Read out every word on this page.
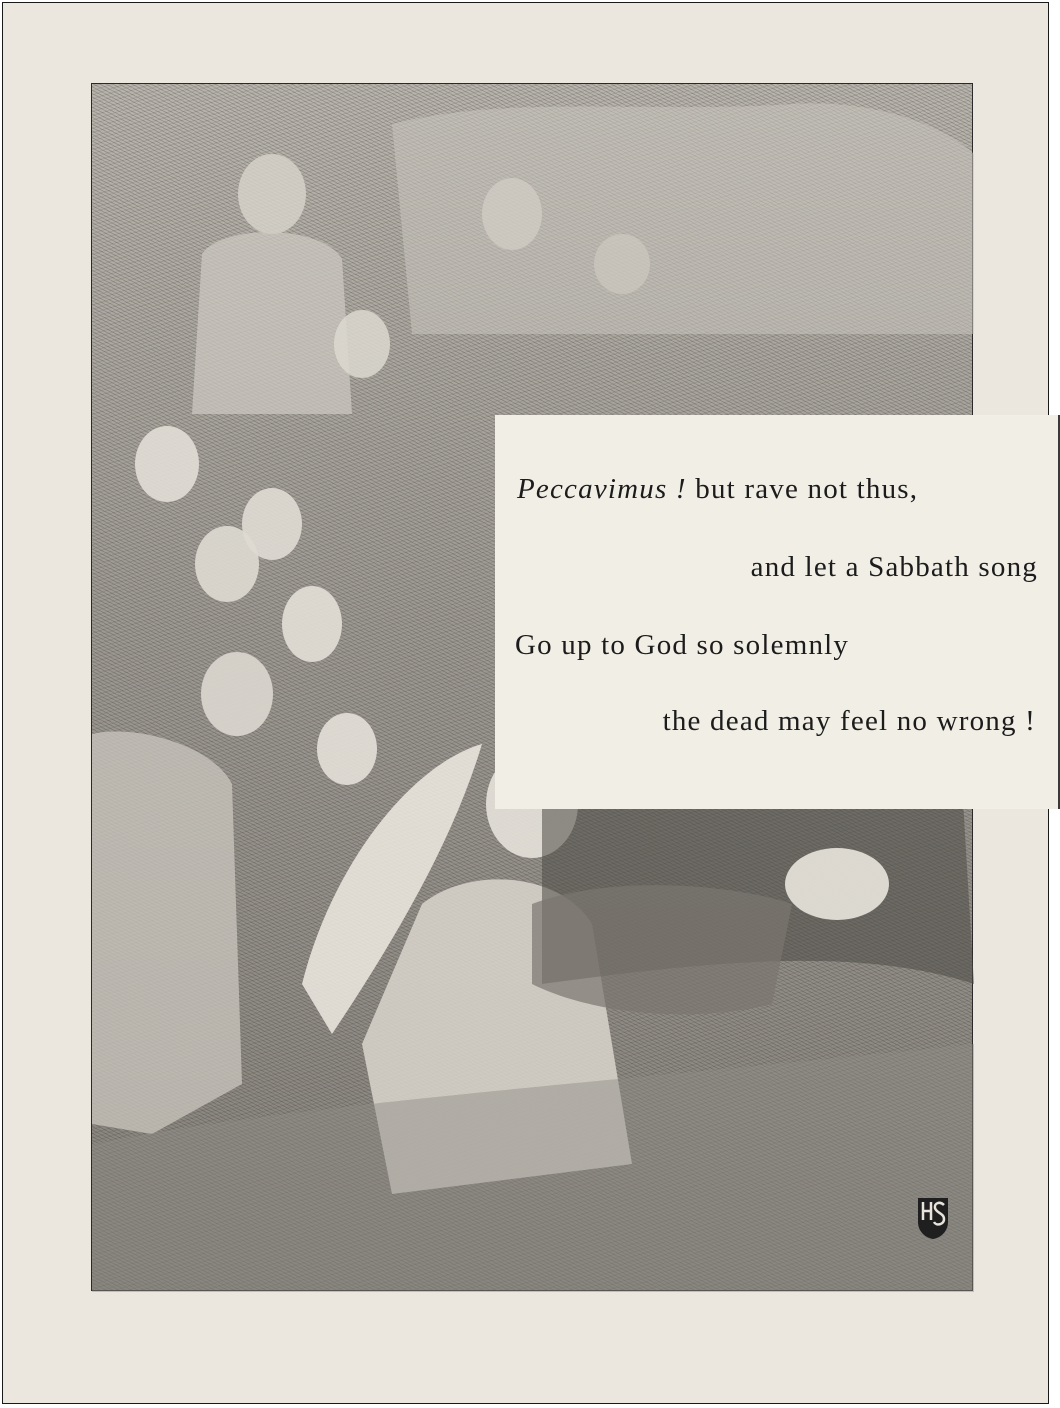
Peccavimus ! but rave not thus,
and let a Sabbath song
Go up to God so solemnly
the dead may feel no wrong !
